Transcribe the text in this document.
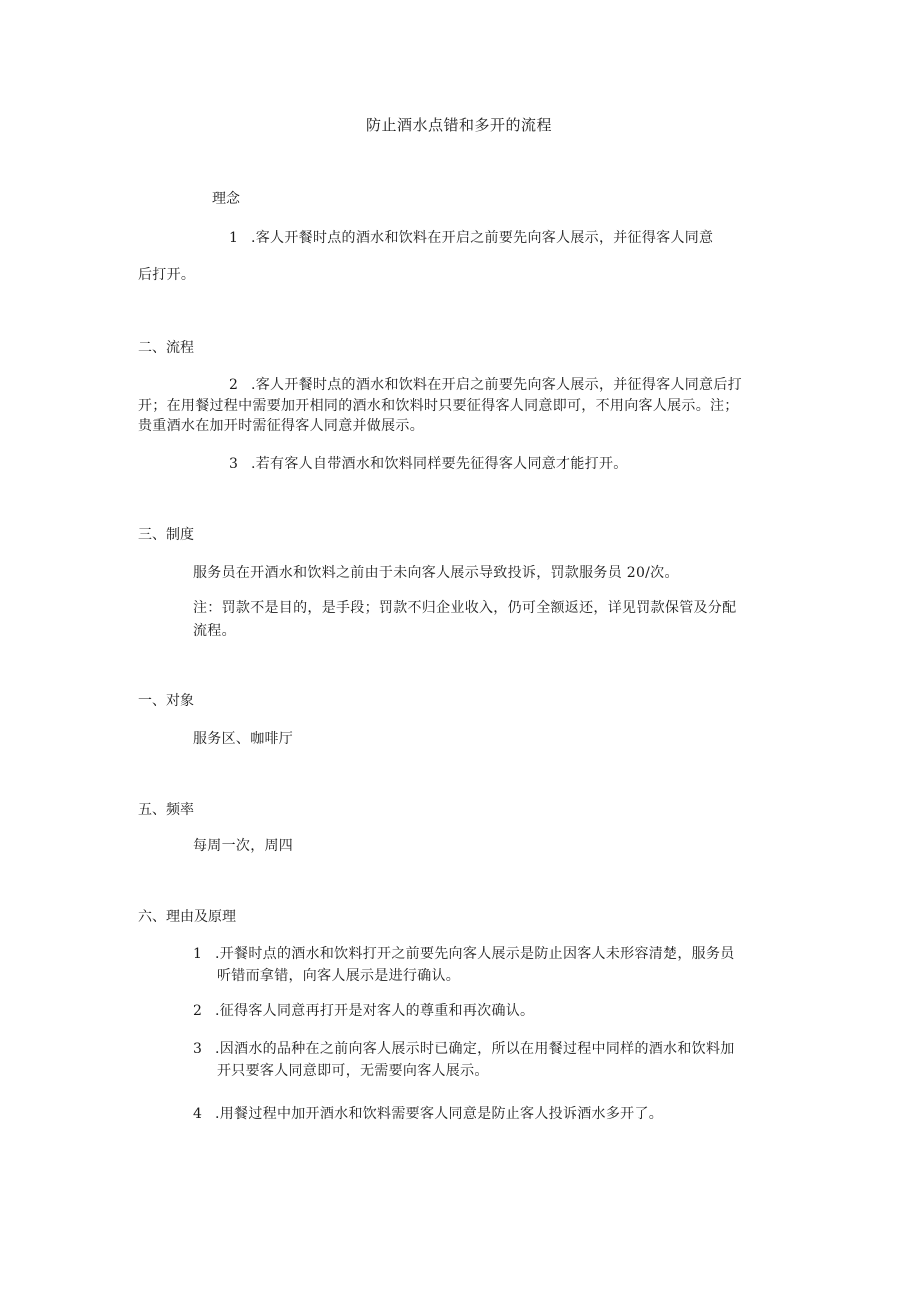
防止酒水点错和多开的流程
理念
1 .客人开餐时点的酒水和饮料在开启之前要先向客人展示，并征得客人同意
后打开。
二、流程
2 .客人开餐时点的酒水和饮料在开启之前要先向客人展示，并征得客人同意后打
开；在用餐过程中需要加开相同的酒水和饮料时只要征得客人同意即可，不用向客人展示。注；
贵重酒水在加开时需征得客人同意并做展示。
3 .若有客人自带酒水和饮料同样要先征得客人同意才能打开。
三、制度
服务员在开酒水和饮料之前由于未向客人展示导致投诉，罚款服务员 20/次。
注：罚款不是目的，是手段；罚款不归企业收入，仍可全额返还，详见罚款保管及分配
流程。
一、对象
服务区、咖啡厅
五、频率
每周一次，周四
六、理由及原理
1 .开餐时点的酒水和饮料打开之前要先向客人展示是防止因客人未形容清楚，服务员
听错而拿错，向客人展示是进行确认。
2 .征得客人同意再打开是对客人的尊重和再次确认。
3 .因酒水的品种在之前向客人展示时已确定，所以在用餐过程中同样的酒水和饮料加
开只要客人同意即可，无需要向客人展示。
4 .用餐过程中加开酒水和饮料需要客人同意是防止客人投诉酒水多开了。
